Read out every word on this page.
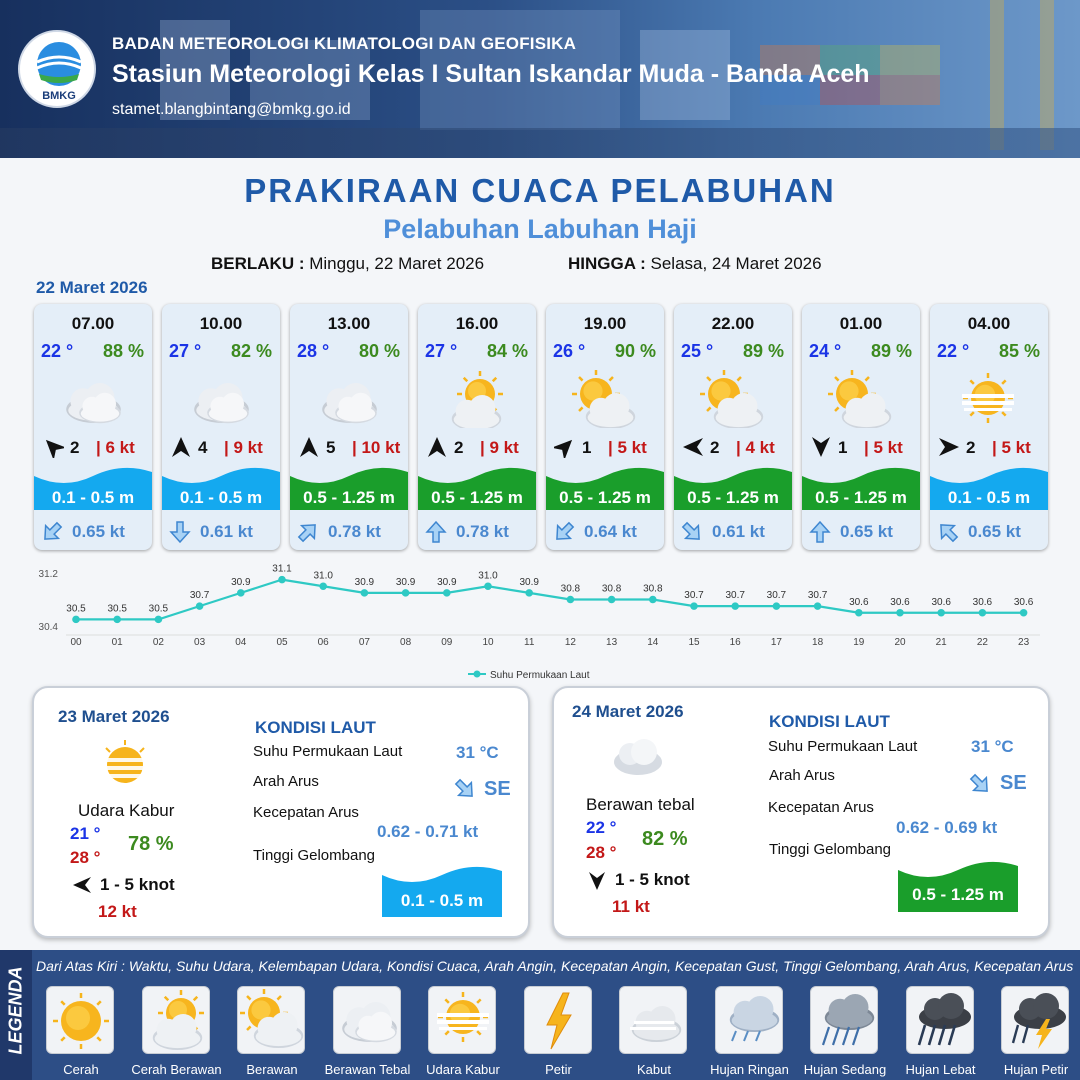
BMKG
BADAN METEOROLOGI KLIMATOLOGI DAN GEOFISIKA
Stasiun Meteorologi Kelas I Sultan Iskandar Muda - Banda Aceh
stamet.blangbintang@bmkg.go.id
PRAKIRAAN CUACA PELABUHAN
Pelabuhan Labuhan Haji
BERLAKU : Minggu, 22 Maret 2026	HINGGA : Selasa, 24 Maret 2026
22 Maret 2026
07.00
22 ° 88 %
2 | 6 kt
0.1 - 0.5 m
0.65 kt
10.00
27 ° 82 %
4 | 9 kt
0.1 - 0.5 m
0.61 kt
13.00
28 ° 80 %
5 | 10 kt
0.5 - 1.25 m
0.78 kt
16.00
27 ° 84 %
2 | 9 kt
0.5 - 1.25 m
0.78 kt
19.00
26 ° 90 %
1 | 5 kt
0.5 - 1.25 m
0.64 kt
22.00
25 ° 89 %
2 | 4 kt
0.5 - 1.25 m
0.61 kt
01.00
24 ° 89 %
1 | 5 kt
0.5 - 1.25 m
0.65 kt
04.00
22 ° 85 %
2 | 5 kt
0.1 - 0.5 m
0.65 kt
31.2
30.4
30.5 30.5 30.5
30.7
30.9
31.1
31.0
30.9 30.9 30.9
31.0
30.9
30.8 30.8 30.8
30.7 30.7 30.7 30.7
30.6 30.6 30.6 30.6 30.6
00	01	02	03	04	05	06	07	08	09	10	11	12	13	14	15	16	17	18	19	20	21	22	23
Suhu Permukaan Laut
23 Maret 2026
Udara Kabur
21 °
28 °
78 %
1 - 5 knot
12 kt
KONDISI LAUT
Suhu Permukaan Laut	31 °C
Arah Arus	SE
Kecepatan Arus
0.62 - 0.71 kt
Tinggi Gelombang
0.1 - 0.5 m
24 Maret 2026
Berawan tebal
22 °
28 °
82 %
1 - 5 knot
11 kt
KONDISI LAUT
Suhu Permukaan Laut	31 °C
Arah Arus	SE
Kecepatan Arus
0.62 - 0.69 kt
Tinggi Gelombang
0.5 - 1.25 m
LEGENDA
Dari Atas Kiri : Waktu, Suhu Udara, Kelembapan Udara, Kondisi Cuaca, Arah Angin, Kecepatan Angin, Kecepatan Gust, Tinggi Gelombang, Arah Arus, Kecepatan Arus
Cerah	Cerah Berawan	Berawan	Berawan Tebal	Udara Kabur	Petir	Kabut	Hujan Ringan	Hujan Sedang	Hujan Lebat	Hujan Petir
